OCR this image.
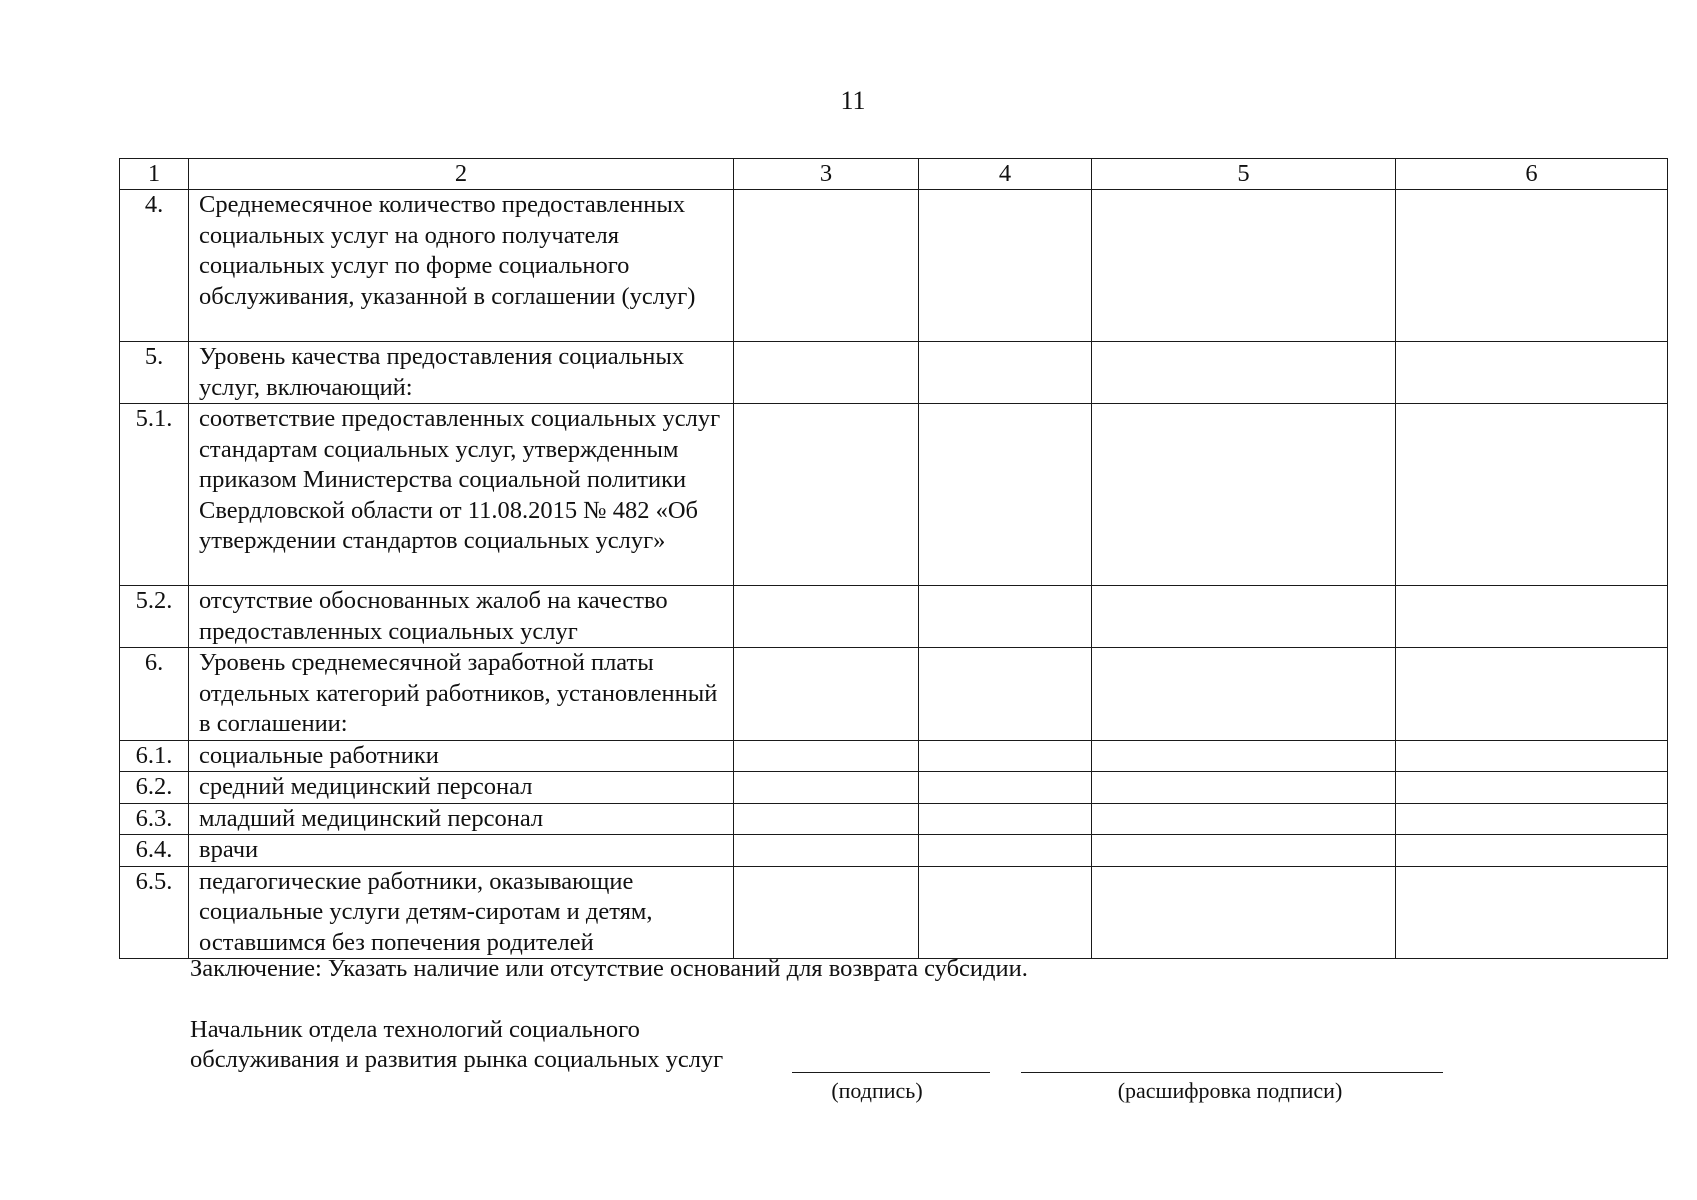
11
1	2	3	4	5	6
4.	Среднемесячное количество предоставленных социальных услуг на одного получателя социальных услуг по форме социального обслуживания, указанной в соглашении (услуг)				
5.	Уровень качества предоставления социальных услуг, включающий:				
5.1.	соответствие предоставленных социальных услуг стандартам социальных услуг, утвержденным приказом Министерства социальной политики Свердловской области от 11.08.2015 № 482 «Об утверждении стандартов социальных услуг»				
5.2.	отсутствие обоснованных жалоб на качество предоставленных социальных услуг				
6.	Уровень среднемесячной заработной платы отдельных категорий работников, установленный в соглашении:				
6.1.	социальные работники				
6.2.	средний медицинский персонал				
6.3.	младший медицинский персонал				
6.4.	врачи				
6.5.	педагогические работники, оказывающие социальные услуги детям-сиротам и детям, оставшимся без попечения родителей				
Заключение: Указать наличие или отсутствие оснований для возврата субсидии.
Начальник отдела технологий социального
обслуживания и развития рынка социальных услуг
(подпись)	(расшифровка подписи)
